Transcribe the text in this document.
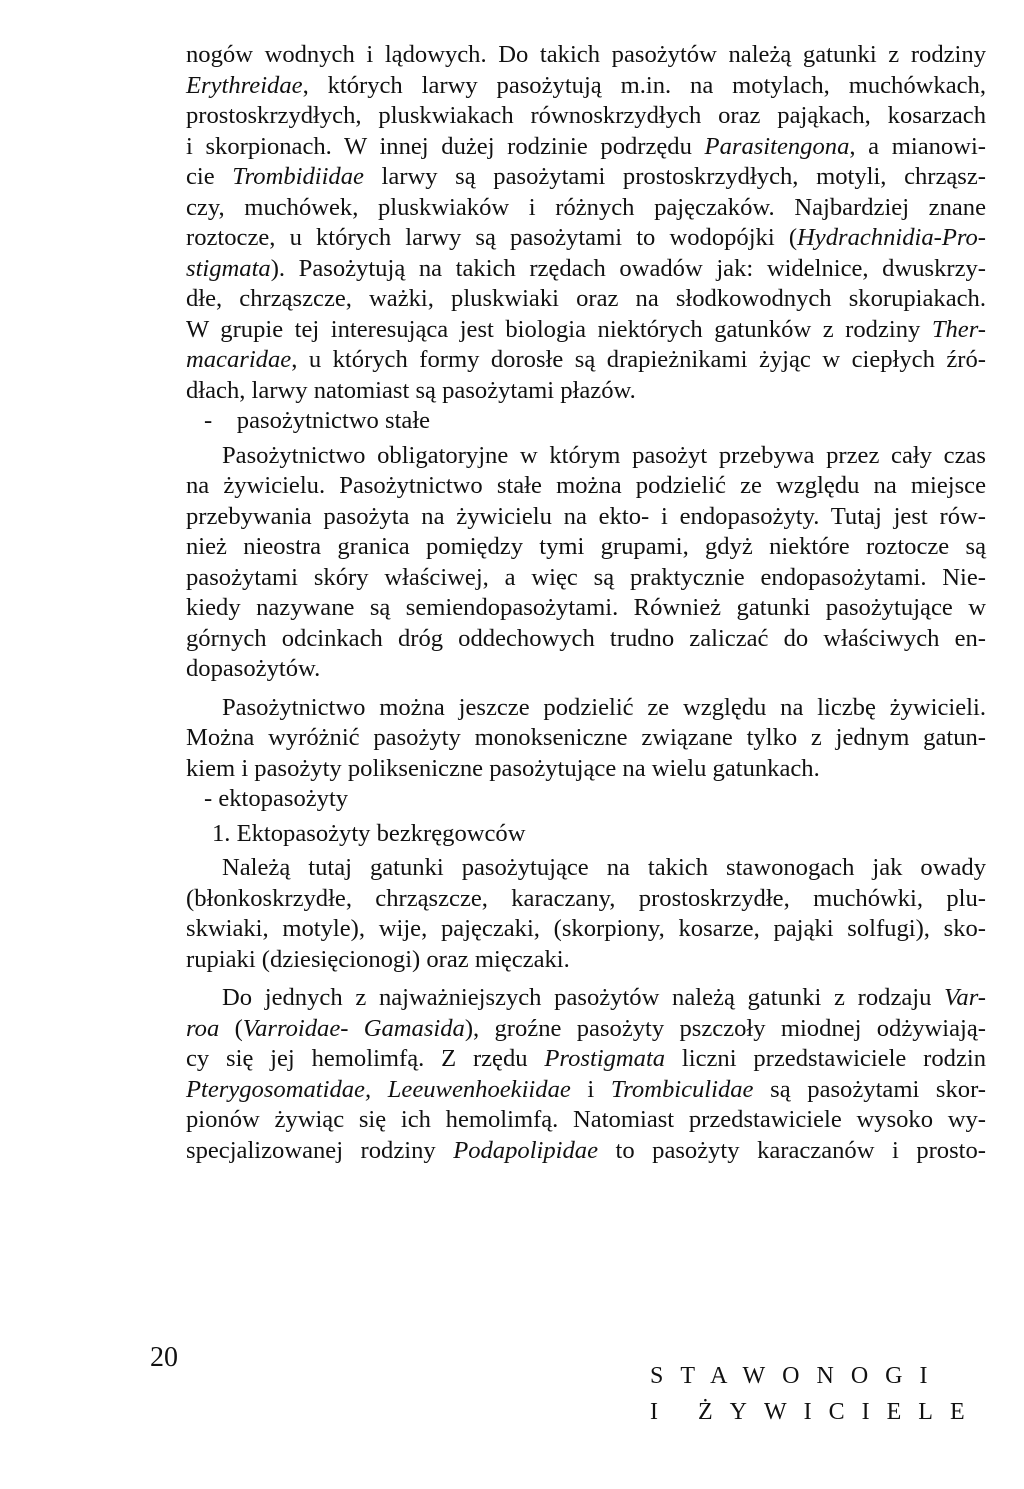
nogów wodnych i lądowych. Do takich pasożytów należą gatunki z rodziny
Erythreidae, których larwy pasożytują m.in. na motylach, muchówkach,
prostoskrzydłych, pluskwiakach równoskrzydłych oraz pająkach, kosarzach
i skorpionach. W innej dużej rodzinie podrzędu Parasitengona, a mianowi-
cie Trombidiidae larwy są pasożytami prostoskrzydłych, motyli, chrząsz-
czy, muchówek, pluskwiaków i różnych pajęczaków. Najbardziej znane
roztocze, u których larwy są pasożytami to wodopójki (Hydrachnidia-Pro-
stigmata). Pasożytują na takich rzędach owadów jak: widelnice, dwuskrzy-
dłe, chrząszcze, ważki, pluskwiaki oraz na słodkowodnych skorupiakach.
W grupie tej interesująca jest biologia niektórych gatunków z rodziny Ther-
macaridae, u których formy dorosłe są drapieżnikami żyjąc w ciepłych źró-
dłach, larwy natomiast są pasożytami płazów.
-    pasożytnictwo stałe
Pasożytnictwo obligatoryjne w którym pasożyt przebywa przez cały czas
na żywicielu. Pasożytnictwo stałe można podzielić ze względu na miejsce
przebywania pasożyta na żywicielu na ekto- i endopasożyty. Tutaj jest rów-
nież nieostra granica pomiędzy tymi grupami, gdyż niektóre roztocze są
pasożytami skóry właściwej, a więc są praktycznie endopasożytami. Nie-
kiedy nazywane są semiendopasożytami. Również gatunki pasożytujące w
górnych odcinkach dróg oddechowych trudno zaliczać do właściwych en-
dopasożytów.
Pasożytnictwo można jeszcze podzielić ze względu na liczbę żywicieli.
Można wyróżnić pasożyty monokseniczne związane tylko z jednym gatun-
kiem i pasożyty polikseniczne pasożytujące na wielu gatunkach.
- ektopasożyty
1. Ektopasożyty bezkręgowców
Należą tutaj gatunki pasożytujące na takich stawonogach jak owady
(błonkoskrzydłe, chrząszcze, karaczany, prostoskrzydłe, muchówki, plu-
skwiaki, motyle), wije, pajęczaki, (skorpiony, kosarze, pająki solfugi), sko-
rupiaki (dziesięcionogi) oraz mięczaki.
Do jednych z najważniejszych pasożytów należą gatunki z rodzaju Var-
roa (Varroidae- Gamasida), groźne pasożyty pszczoły miodnej odżywiają-
cy się jej hemolimfą. Z rzędu Prostigmata liczni przedstawiciele rodzin
Pterygosomatidae, Leeuwenhoekiidae i Trombiculidae są pasożytami skor-
pionów żywiąc się ich hemolimfą. Natomiast przedstawiciele wysoko wy-
specjalizowanej rodziny Podapolipidae to pasożyty karaczanów i prosto-
20
STAWONOGI
I ŻYWICIELE
